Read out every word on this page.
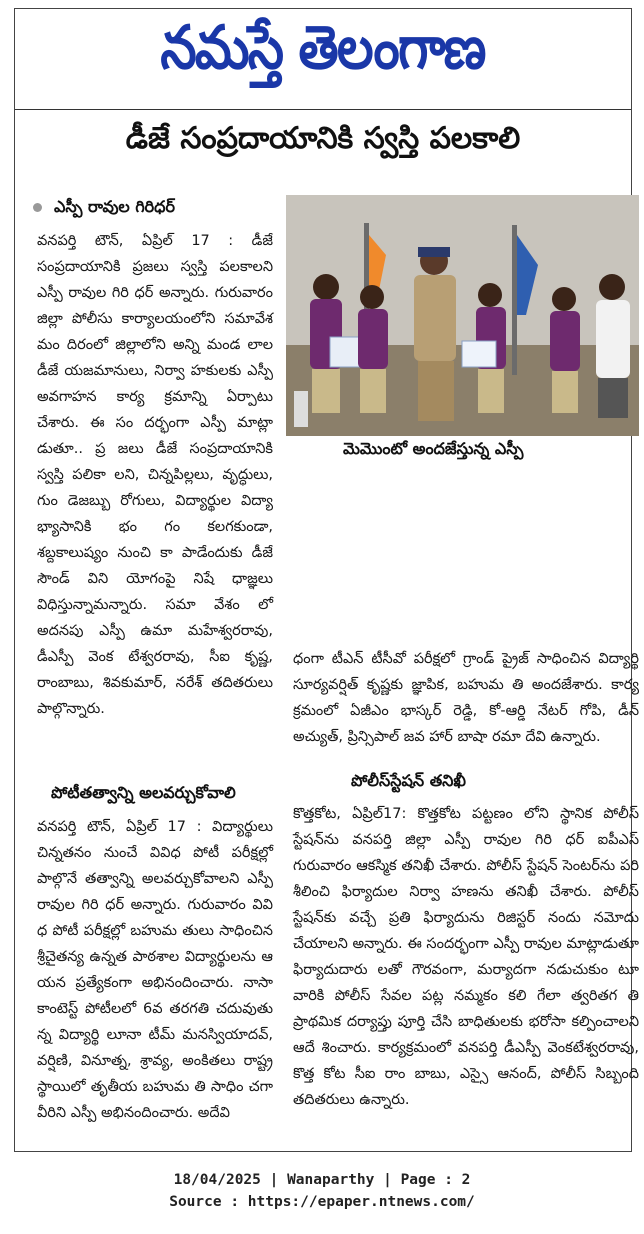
నమస్తే తెలంగాణ
డీజే సంప్రదాయానికి స్వస్తి పలకాలి
ఎస్పీ రావుల గిరిధర్

వనపర్తి టౌన్, ఏప్రిల్ 17 : డీజే సంప్రదాయానికి ప్రజలు స్వస్తి పలకాలని ఎస్పీ రావుల గిరి ధర్ అన్నారు. గురువారం జిల్లా పోలీసు కార్యాలయంలోని సమావేశ మం దిరంలో జిల్లాలోని అన్ని మండ లాల డీజే యజమానులు, నిర్వా హకులకు ఎస్పీ అవగాహన కార్య క్రమాన్ని ఏర్పాటు చేశారు. ఈ సం దర్భంగా ఎస్పీ మాట్లా డుతూ.. ప్ర జలు డీజే సంప్రదాయానికి స్వస్తి పలికా లని, చిన్నపిల్లలు, వృద్ధులు, గుం డెజబ్బు రోగులు, విద్యార్థుల విద్యా భ్యాసానికి భం గం కలగకుండా, శబ్దకాలుష్యం నుంచి కా పాడేందుకు డీజే సౌండ్ విని యోగంపై నిషే ధాజ్ఞలు విధిస్తున్నామన్నారు. సమా వేశం లో అదనపు ఎస్పీ ఉమా మహేశ్వరరావు, డీఎస్పీ వెంక టేశ్వరరావు, సీఐ కృష్ణ, రాంబాబు, శివకుమార్, నరేశ్ తదితరులు పాల్గొన్నారు.

మెమొంటో అందజేస్తున్న ఎస్పీ

ధంగా టీఎన్ టీసీవో పరీక్షలో గ్రాండ్ ప్రైజ్ సాధించిన విద్యార్థి సూర్యవర్షిత్ కృష్ణకు జ్ఞాపిక, బహుమ తి అందజేశారు. కార్య క్రమంలో ఏజీఎం భాస్కర్ రెడ్డి, కో-ఆర్డి నేటర్ గోపి, డీన్ అచ్యుత్, ప్రిన్సిపాల్ జవ హార్ బాషా రమా దేవి ఉన్నారు.

పోటీతత్వాన్ని అలవర్చుకోవాలి

వనపర్తి టౌన్, ఏప్రిల్ 17 : విద్యార్థులు చిన్నతనం నుంచే వివిధ పోటీ పరీక్షల్లో పాల్గొనే తత్వాన్ని అలవర్చుకోవాలని ఎస్పీ రావుల గిరి ధర్ అన్నారు. గురువారం వివి ధ పోటీ పరీక్షల్లో బహుమ తులు సాధించిన శ్రీచైతన్య ఉన్నత పాఠశాల విద్యార్థులను ఆ యన ప్రత్యేకంగా అభినందించారు. నాసా కాంటెస్ట్ పోటీలలో 6వ తరగతి చదువుతు న్న విద్యార్థి లూనా టీమ్ మనస్వియాదవ్, వర్షిణి, వినూత్న, శ్రావ్య, అంకితలు రాష్ట్ర స్థాయిలో తృతీయ బహుమ తి సాధిం చగా వీరిని ఎస్పీ అభినందించారు. అదేవి

పోలీస్‌స్టేషన్ తనిఖీ

కొత్తకోట, ఏప్రిల్17: కొత్తకోట పట్టణం లోని స్థానిక పోలీస్ స్టేషన్‌ను వనపర్తి జిల్లా ఎస్పీ రావుల గిరి ధర్ ఐపీఎస్ గురువారం ఆకస్మిక తనిఖీ చేశారు. పోలీస్ స్టేషన్ సెంటర్‌ను పరి శీలించి ఫిర్యాదుల నిర్వా హణను తనిఖీ చేశారు. పోలీస్ స్టేషన్‌కు వచ్చే ప్రతి ఫిర్యాదును రిజిస్టర్ నందు నమోదు చేయాలని అన్నారు. ఈ సందర్భంగా ఎస్పీ రావుల మాట్లాడుతూ ఫిర్యాదుదారు లతో గౌరవంగా, మర్యాదగా నడుచుకుం టూ వారికి పోలీస్ సేవల పట్ల నమ్మకం కలి గేలా త్వరితగ తి ప్రాథమిక దర్యాప్తు పూర్తి చేసి బాధితులకు భరోసా కల్పించాలని ఆదే శించారు. కార్యక్రమంలో వనపర్తి డీఎస్పీ వెంకటేశ్వరరావు, కొత్త కోట సీఐ రాం బాబు, ఎస్సై ఆనంద్, పోలీస్ సిబ్బంది తదితరులు ఉన్నారు.

18/04/2025 | Wanaparthy | Page : 2
Source : https://epaper.ntnews.com/
